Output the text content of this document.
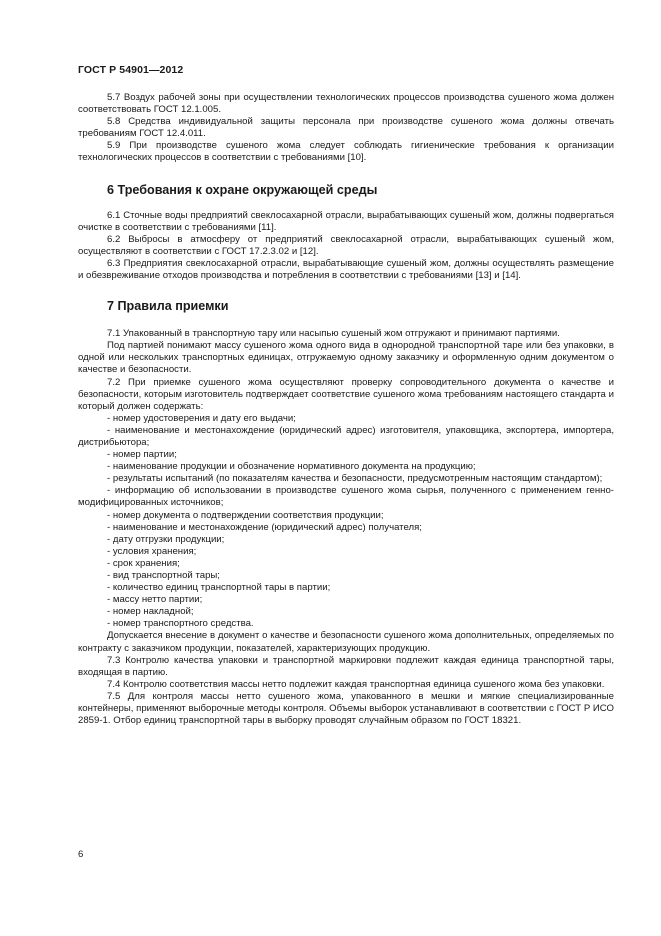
ГОСТ Р 54901—2012

5.7 Воздух рабочей зоны при осуществлении технологических процессов производства сушеного жома должен соответствовать ГОСТ 12.1.005.

5.8 Средства индивидуальной защиты персонала при производстве сушеного жома должны отвечать требованиям ГОСТ 12.4.011.

5.9 При производстве сушеного жома следует соблюдать гигиенические требования к организации технологических процессов в соответствии с требованиями [10].

6 Требования к охране окружающей среды

6.1 Сточные воды предприятий свеклосахарной отрасли, вырабатывающих сушеный жом, должны подвергаться очистке в соответствии с требованиями [11].

6.2 Выбросы в атмосферу от предприятий свеклосахарной отрасли, вырабатывающих сушеный жом, осуществляют в соответствии с ГОСТ 17.2.3.02 и [12].

6.3 Предприятия свеклосахарной отрасли, вырабатывающие сушеный жом, должны осуществлять размещение и обезвреживание отходов производства и потребления в соответствии с требованиями [13] и [14].

7 Правила приемки

7.1 Упакованный в транспортную тару или насыпью сушеный жом отгружают и принимают партиями.

Под партией понимают массу сушеного жома одного вида в однородной транспортной таре или без упаковки, в одной или нескольких транспортных единицах, отгружаемую одному заказчику и оформленную одним документом о качестве и безопасности.

7.2 При приемке сушеного жома осуществляют проверку сопроводительного документа о качестве и безопасности, которым изготовитель подтверждает соответствие сушеного жома требованиям настоящего стандарта и который должен содержать:

- номер удостоверения и дату его выдачи;

- наименование и местонахождение (юридический адрес) изготовителя, упаковщика, экспортера, импортера, дистрибьютора;

- номер партии;

- наименование продукции и обозначение нормативного документа на продукцию;

- результаты испытаний (по показателям качества и безопасности, предусмотренным настоящим стандартом);

- информацию об использовании в производстве сушеного жома сырья, полученного с применением генно-модифицированных источников;

- номер документа о подтверждении соответствия продукции;

- наименование и местонахождение (юридический адрес) получателя;

- дату отгрузки продукции;

- условия хранения;

- срок хранения;

- вид транспортной тары;

- количество единиц транспортной тары в партии;

- массу нетто партии;

- номер накладной;

- номер транспортного средства.

Допускается внесение в документ о качестве и безопасности сушеного жома дополнительных, определяемых по контракту с заказчиком продукции, показателей, характеризующих продукцию.

7.3 Контролю качества упаковки и транспортной маркировки подлежит каждая единица транспортной тары, входящая в партию.

7.4 Контролю соответствия массы нетто подлежит каждая транспортная единица сушеного жома без упаковки.

7.5 Для контроля массы нетто сушеного жома, упакованного в мешки и мягкие специализированные контейнеры, применяют выборочные методы контроля. Объемы выборок устанавливают в соответствии с ГОСТ Р ИСО 2859-1. Отбор единиц транспортной тары в выборку проводят случайным образом по ГОСТ 18321.

6
